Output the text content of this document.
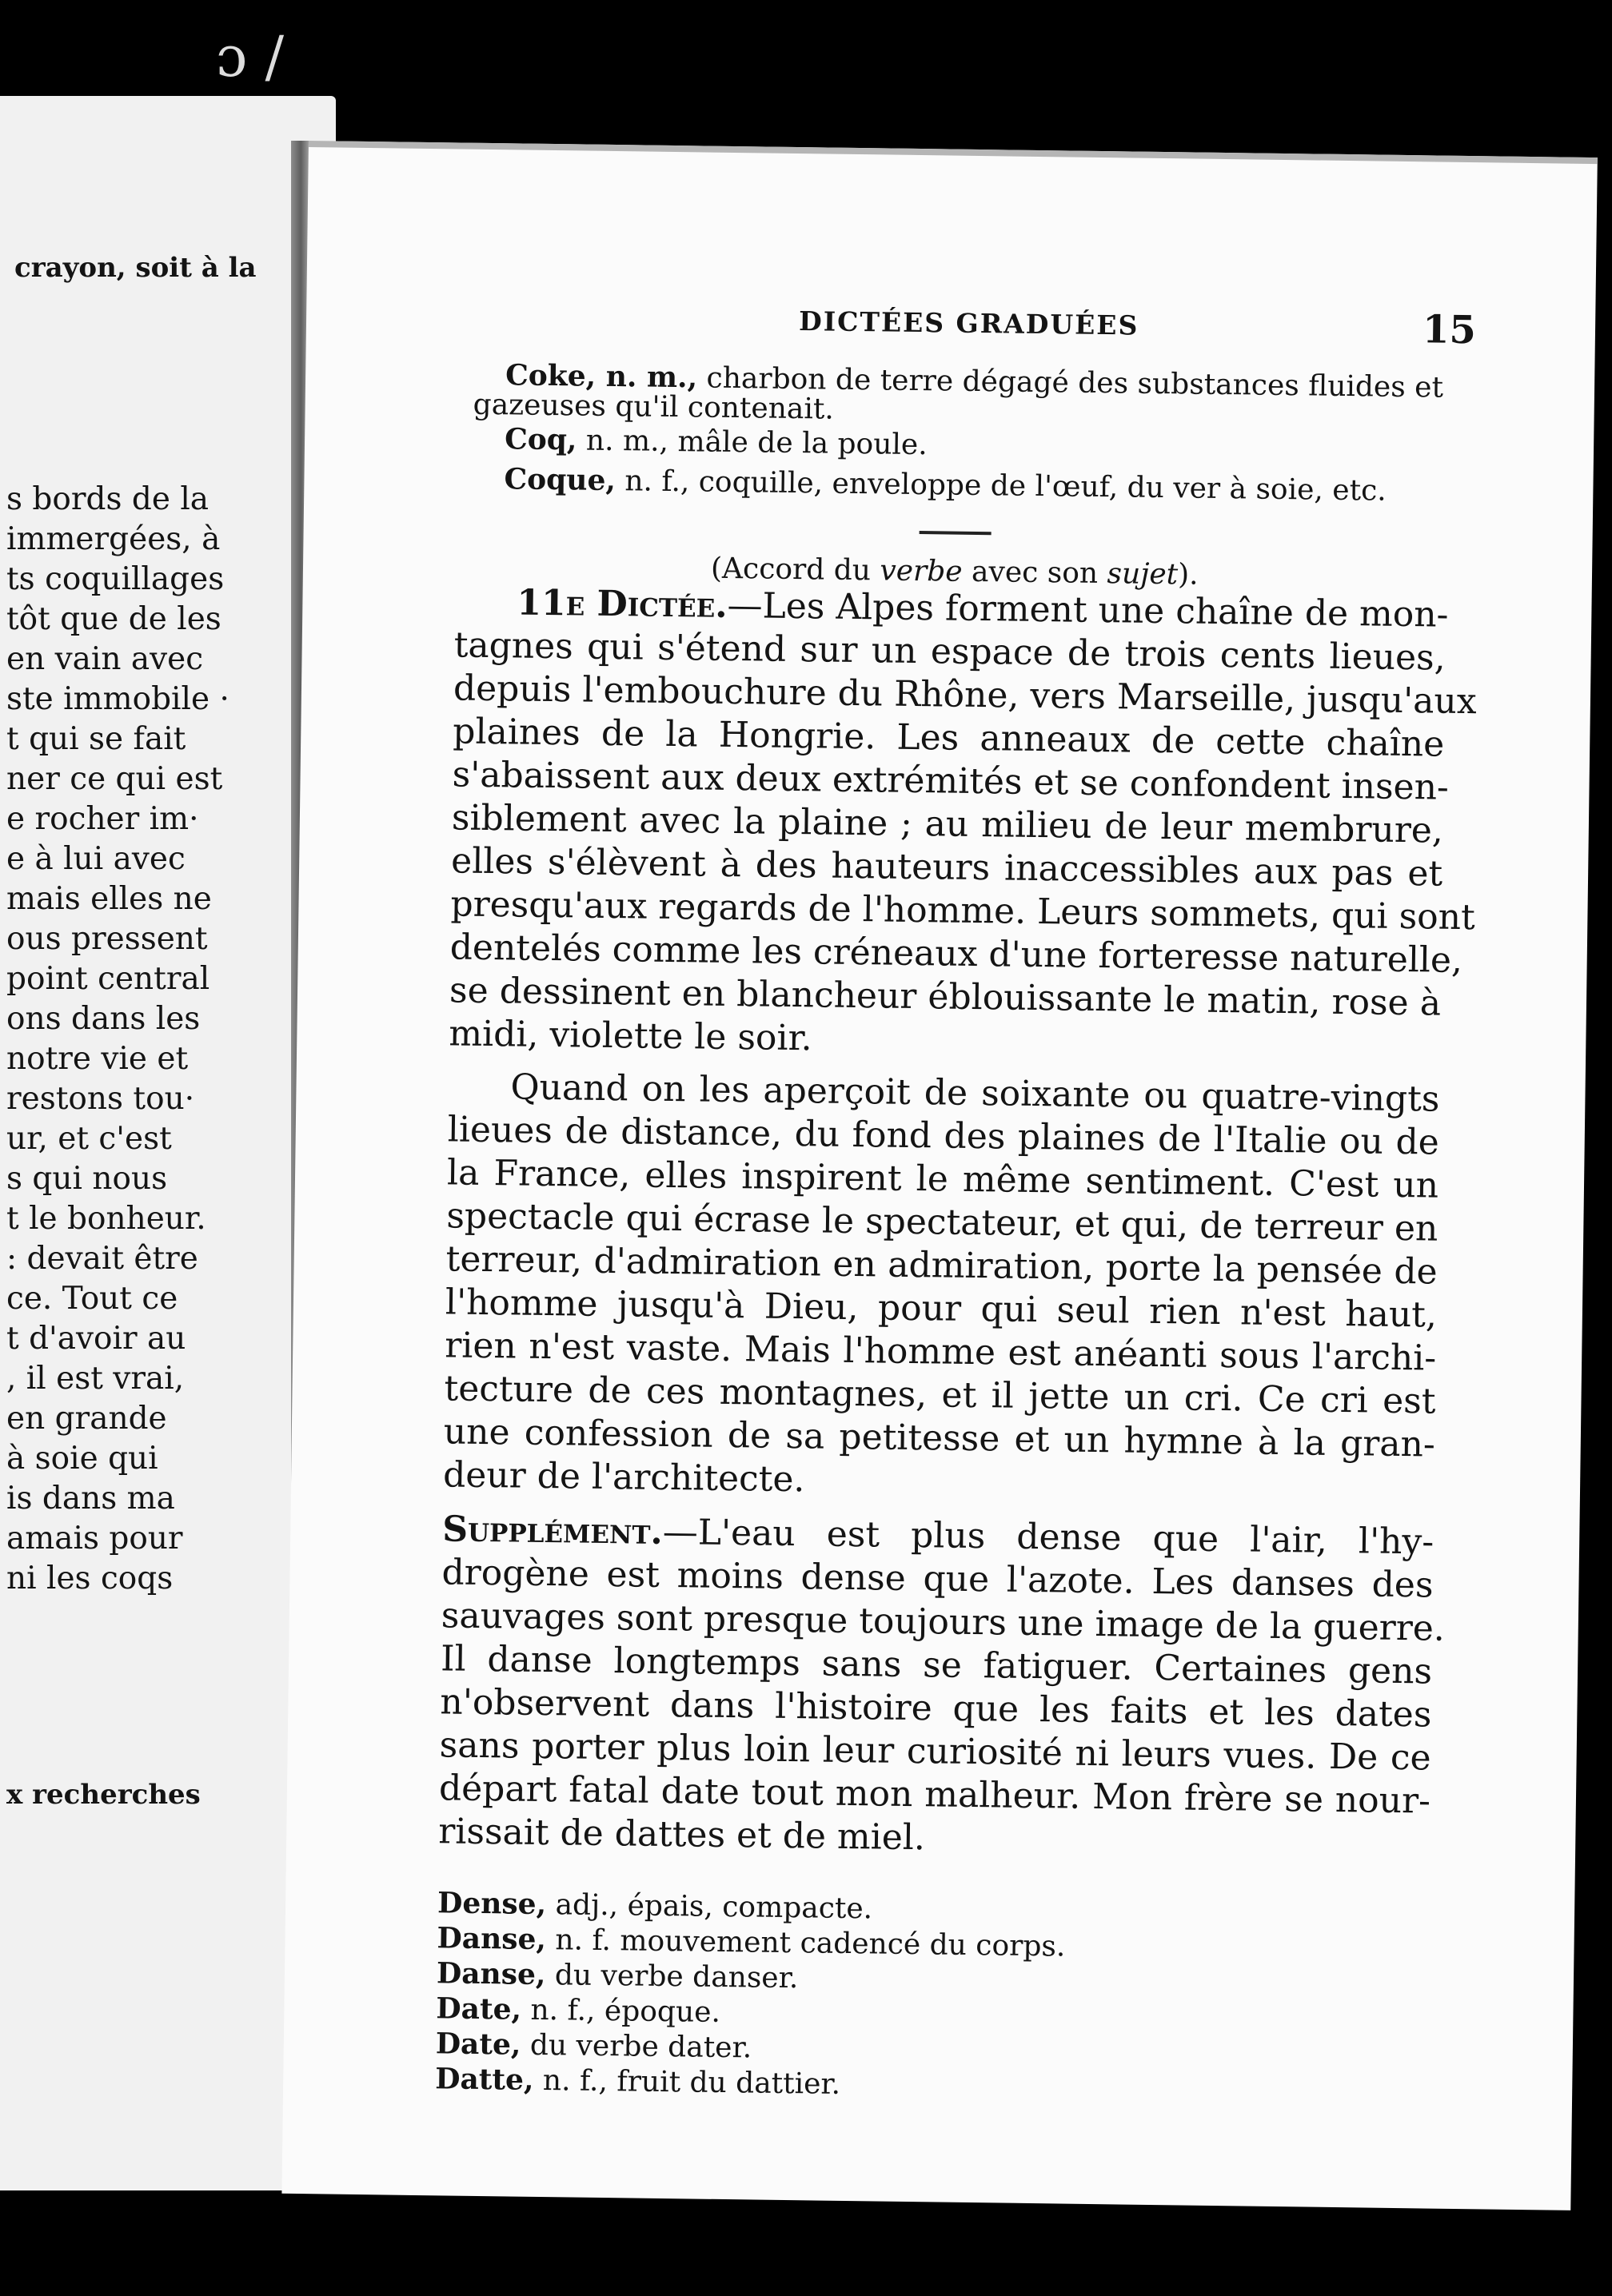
ɔ /
crayon, soit à la
s bords de la
immergées, à
ts coquillages
tôt que de les
en vain avec
ste immobile ·
t qui se fait
ner ce qui est
e rocher im·
e à lui avec
mais elles ne
ous pressent
point central
ons dans les
notre vie et
restons tou·
ur, et c'est
s qui nous
t le bonheur.
: devait être
ce. Tout ce
t d'avoir au
, il est vrai,
en grande
à soie qui
is dans ma
amais pour
ni les coqs
x recherches
DICTÉES GRADUÉES	15
Coke, n. m., charbon de terre dégagé des substances fluides et
gazeuses qu'il contenait.
Coq, n. m., mâle de la poule.
Coque, n. f., coquille, enveloppe de l'œuf, du ver à soie, etc.
(Accord du verbe avec son sujet).
11e Dictée.—Les Alpes forment une chaîne de mon-
tagnes qui s'étend sur un espace de trois cents lieues,
depuis l'embouchure du Rhône, vers Marseille, jusqu'aux
plaines de la Hongrie. Les anneaux de cette chaîne
s'abaissent aux deux extrémités et se confondent insen-
siblement avec la plaine ; au milieu de leur membrure,
elles s'élèvent à des hauteurs inaccessibles aux pas et
presqu'aux regards de l'homme. Leurs sommets, qui sont
dentelés comme les créneaux d'une forteresse naturelle,
se dessinent en blancheur éblouissante le matin, rose à
midi, violette le soir.
Quand on les aperçoit de soixante ou quatre-vingts
lieues de distance, du fond des plaines de l'Italie ou de
la France, elles inspirent le même sentiment. C'est un
spectacle qui écrase le spectateur, et qui, de terreur en
terreur, d'admiration en admiration, porte la pensée de
l'homme jusqu'à Dieu, pour qui seul rien n'est haut,
rien n'est vaste. Mais l'homme est anéanti sous l'archi-
tecture de ces montagnes, et il jette un cri. Ce cri est
une confession de sa petitesse et un hymne à la gran-
deur de l'architecte.
Supplément.—L'eau est plus dense que l'air, l'hy-
drogène est moins dense que l'azote. Les danses des
sauvages sont presque toujours une image de la guerre.
Il danse longtemps sans se fatiguer. Certaines gens
n'observent dans l'histoire que les faits et les dates
sans porter plus loin leur curiosité ni leurs vues. De ce
départ fatal date tout mon malheur. Mon frère se nour-
rissait de dattes et de miel.
Dense, adj., épais, compacte.
Danse, n. f. mouvement cadencé du corps.
Danse, du verbe danser.
Date, n. f., époque.
Date, du verbe dater.
Datte, n. f., fruit du dattier.
